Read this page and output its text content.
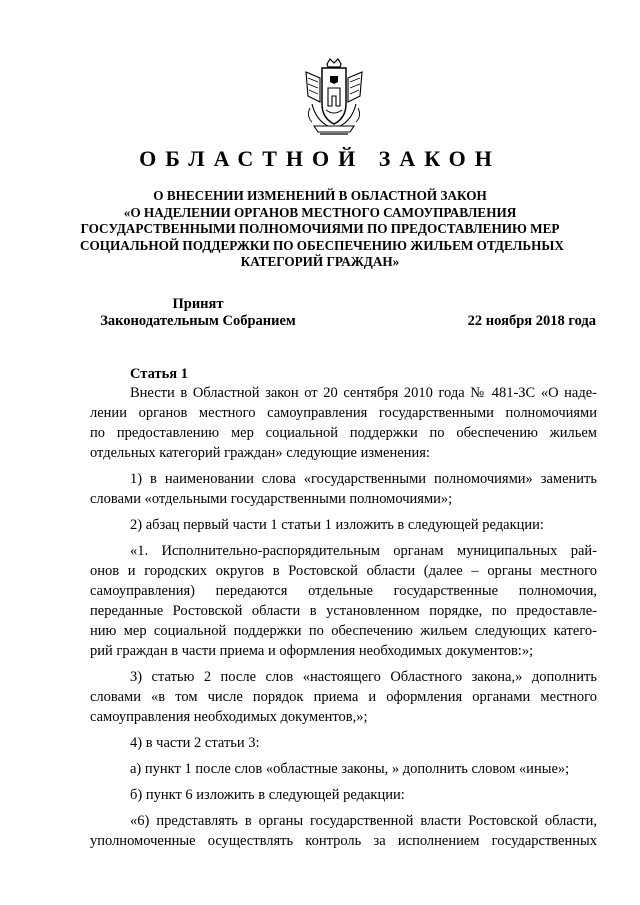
ОБЛАСТНОЙ ЗАКОН
О ВНЕСЕНИИ ИЗМЕНЕНИЙ В ОБЛАСТНОЙ ЗАКОН
«О НАДЕЛЕНИИ ОРГАНОВ МЕСТНОГО САМОУПРАВЛЕНИЯ
ГОСУДАРСТВЕННЫМИ ПОЛНОМОЧИЯМИ ПО ПРЕДОСТАВЛЕНИЮ МЕР
СОЦИАЛЬНОЙ ПОДДЕРЖКИ ПО ОБЕСПЕЧЕНИЮ ЖИЛЬЕМ ОТДЕЛЬНЫХ
КАТЕГОРИЙ ГРАЖДАН»
Принят
Законодательным Собранием	22 ноября 2018 года
Статья 1

Внести в Областной закон от 20 сентября 2010 года № 481-ЗС «О наде-
лении органов местного самоуправления государственными полномочиями
по предоставлению мер социальной поддержки по обеспечению жильем
отдельных категорий граждан» следующие изменения:

1) в наименовании слова «государственными полномочиями» заменить
словами «отдельными государственными полномочиями»;

2) абзац первый части 1 статьи 1 изложить в следующей редакции:

«1. Исполнительно-распорядительным органам муниципальных рай-
онов и городских округов в Ростовской области (далее – органы местного
самоуправления) передаются отдельные государственные полномочия,
переданные Ростовской области в установленном порядке, по предоставле-
нию мер социальной поддержки по обеспечению жильем следующих катего-
рий граждан в части приема и оформления необходимых документов:»;

3) статью 2 после слов «настоящего Областного закона,» дополнить
словами «в том числе порядок приема и оформления органами местного
самоуправления необходимых документов,»;

4) в части 2 статьи 3:

а) пункт 1 после слов «областные законы, » дополнить словом «иные»;

б) пункт 6 изложить в следующей редакции:

«6) представлять в органы государственной власти Ростовской области,
уполномоченные осуществлять контроль за исполнением государственных
